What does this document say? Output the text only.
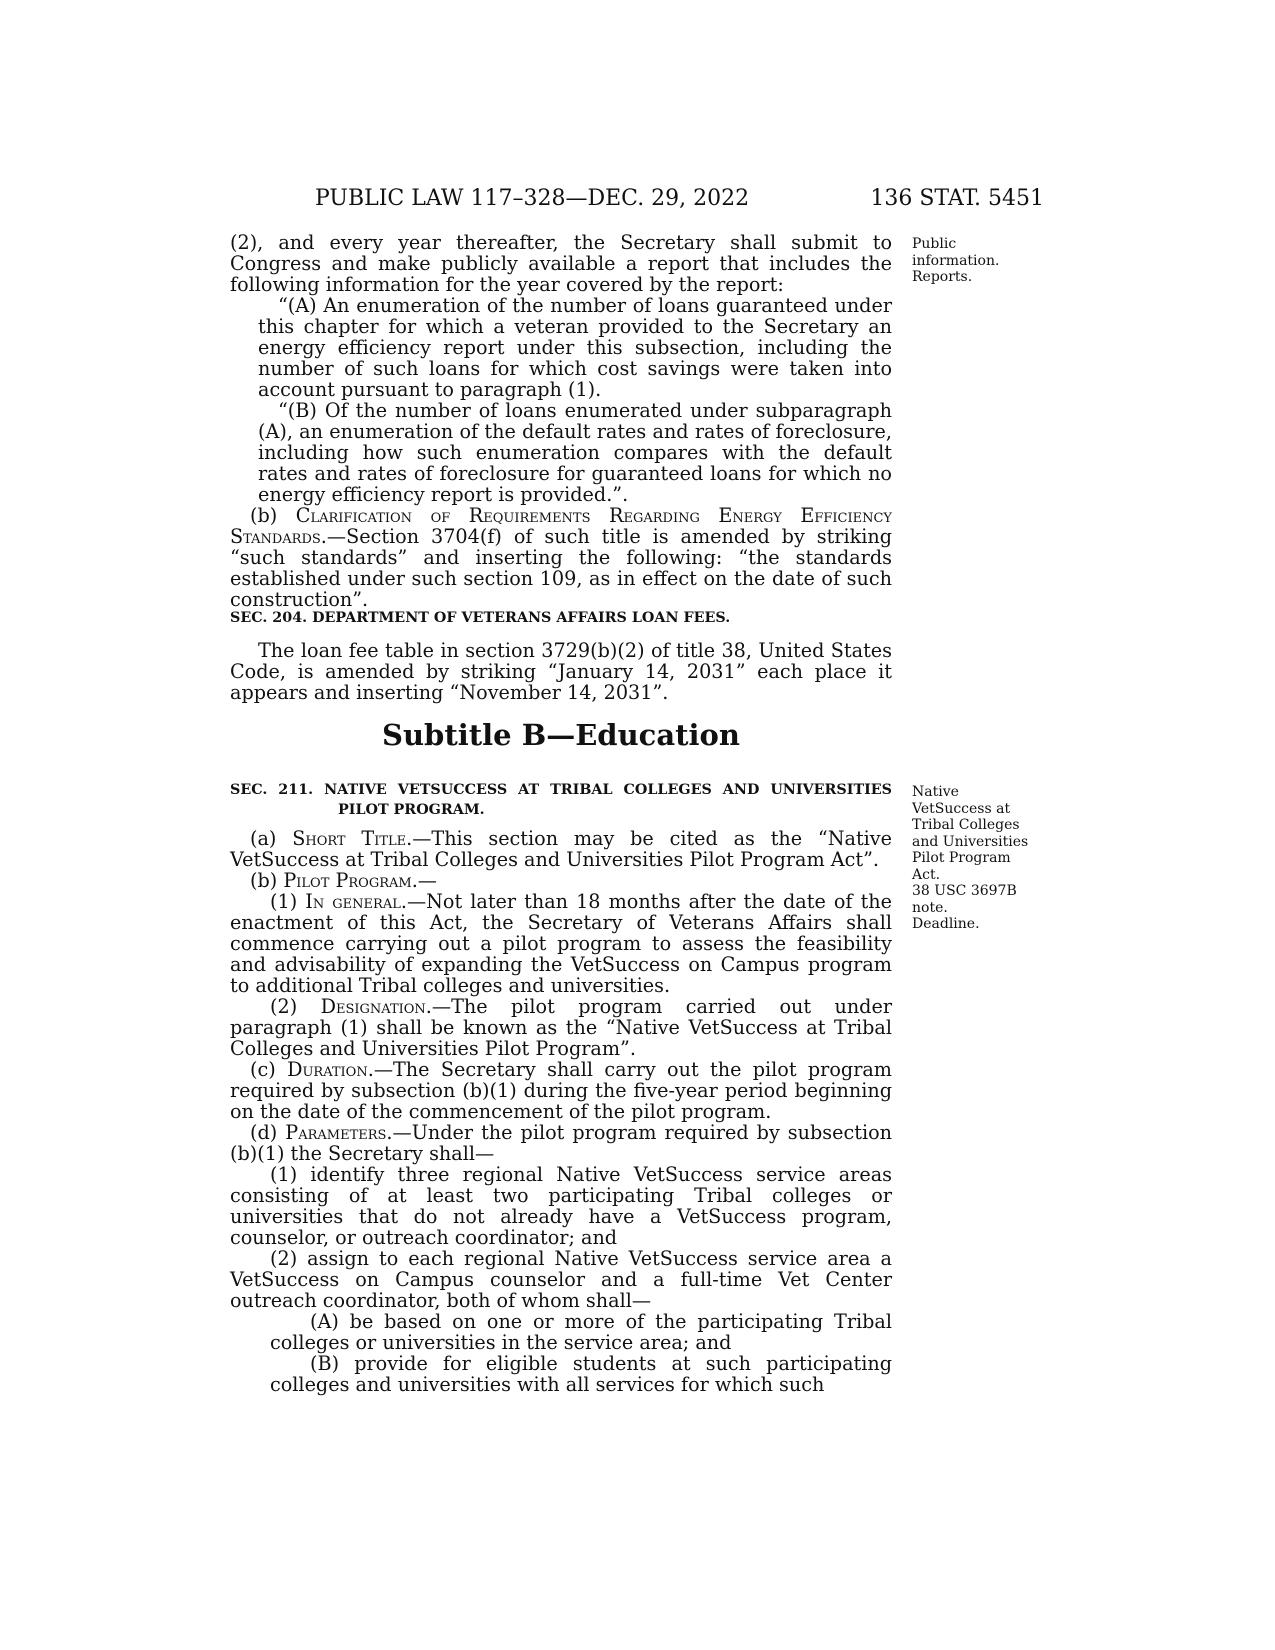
PUBLIC LAW 117–328—DEC. 29, 2022	136 STAT. 5451
Public
information.
Reports.

(2), and every year thereafter, the Secretary shall submit to Congress and make publicly available a report that includes the following information for the year covered by the report:

“(A) An enumeration of the number of loans guaranteed under this chapter for which a veteran provided to the Secretary an energy efficiency report under this subsection, including the number of such loans for which cost savings were taken into account pursuant to paragraph (1).

“(B) Of the number of loans enumerated under subparagraph (A), an enumeration of the default rates and rates of foreclosure, including how such enumeration compares with the default rates and rates of foreclosure for guaranteed loans for which no energy efficiency report is provided.”.

(b) Clarification of Requirements Regarding Energy Efficiency Standards.—Section 3704(f) of such title is amended by striking “such standards” and inserting the following: “the standards established under such section 109, as in effect on the date of such construction”.

SEC. 204. DEPARTMENT OF VETERANS AFFAIRS LOAN FEES.

The loan fee table in section 3729(b)(2) of title 38, United States Code, is amended by striking “January 14, 2031” each place it appears and inserting “November 14, 2031”.

Subtitle B—Education
Native
VetSuccess at
Tribal Colleges
and Universities
Pilot Program
Act.
38 USC 3697B
note.
Deadline.
SEC. 211. NATIVE VETSUCCESS AT TRIBAL COLLEGES AND UNIVERSITIES PILOT PROGRAM.

(a) Short Title.—This section may be cited as the “Native VetSuccess at Tribal Colleges and Universities Pilot Program Act”.

(b) Pilot Program.—

(1) In general.—Not later than 18 months after the date of the enactment of this Act, the Secretary of Veterans Affairs shall commence carrying out a pilot program to assess the feasibility and advisability of expanding the VetSuccess on Campus program to additional Tribal colleges and universities.

(2) Designation.—The pilot program carried out under paragraph (1) shall be known as the “Native VetSuccess at Tribal Colleges and Universities Pilot Program”.

(c) Duration.—The Secretary shall carry out the pilot program required by subsection (b)(1) during the five-year period beginning on the date of the commencement of the pilot program.

(d) Parameters.—Under the pilot program required by subsection (b)(1) the Secretary shall—

(1) identify three regional Native VetSuccess service areas consisting of at least two participating Tribal colleges or universities that do not already have a VetSuccess program, counselor, or outreach coordinator; and

(2) assign to each regional Native VetSuccess service area a VetSuccess on Campus counselor and a full-time Vet Center outreach coordinator, both of whom shall—

(A) be based on one or more of the participating Tribal colleges or universities in the service area; and

(B) provide for eligible students at such participating colleges and universities with all services for which such
